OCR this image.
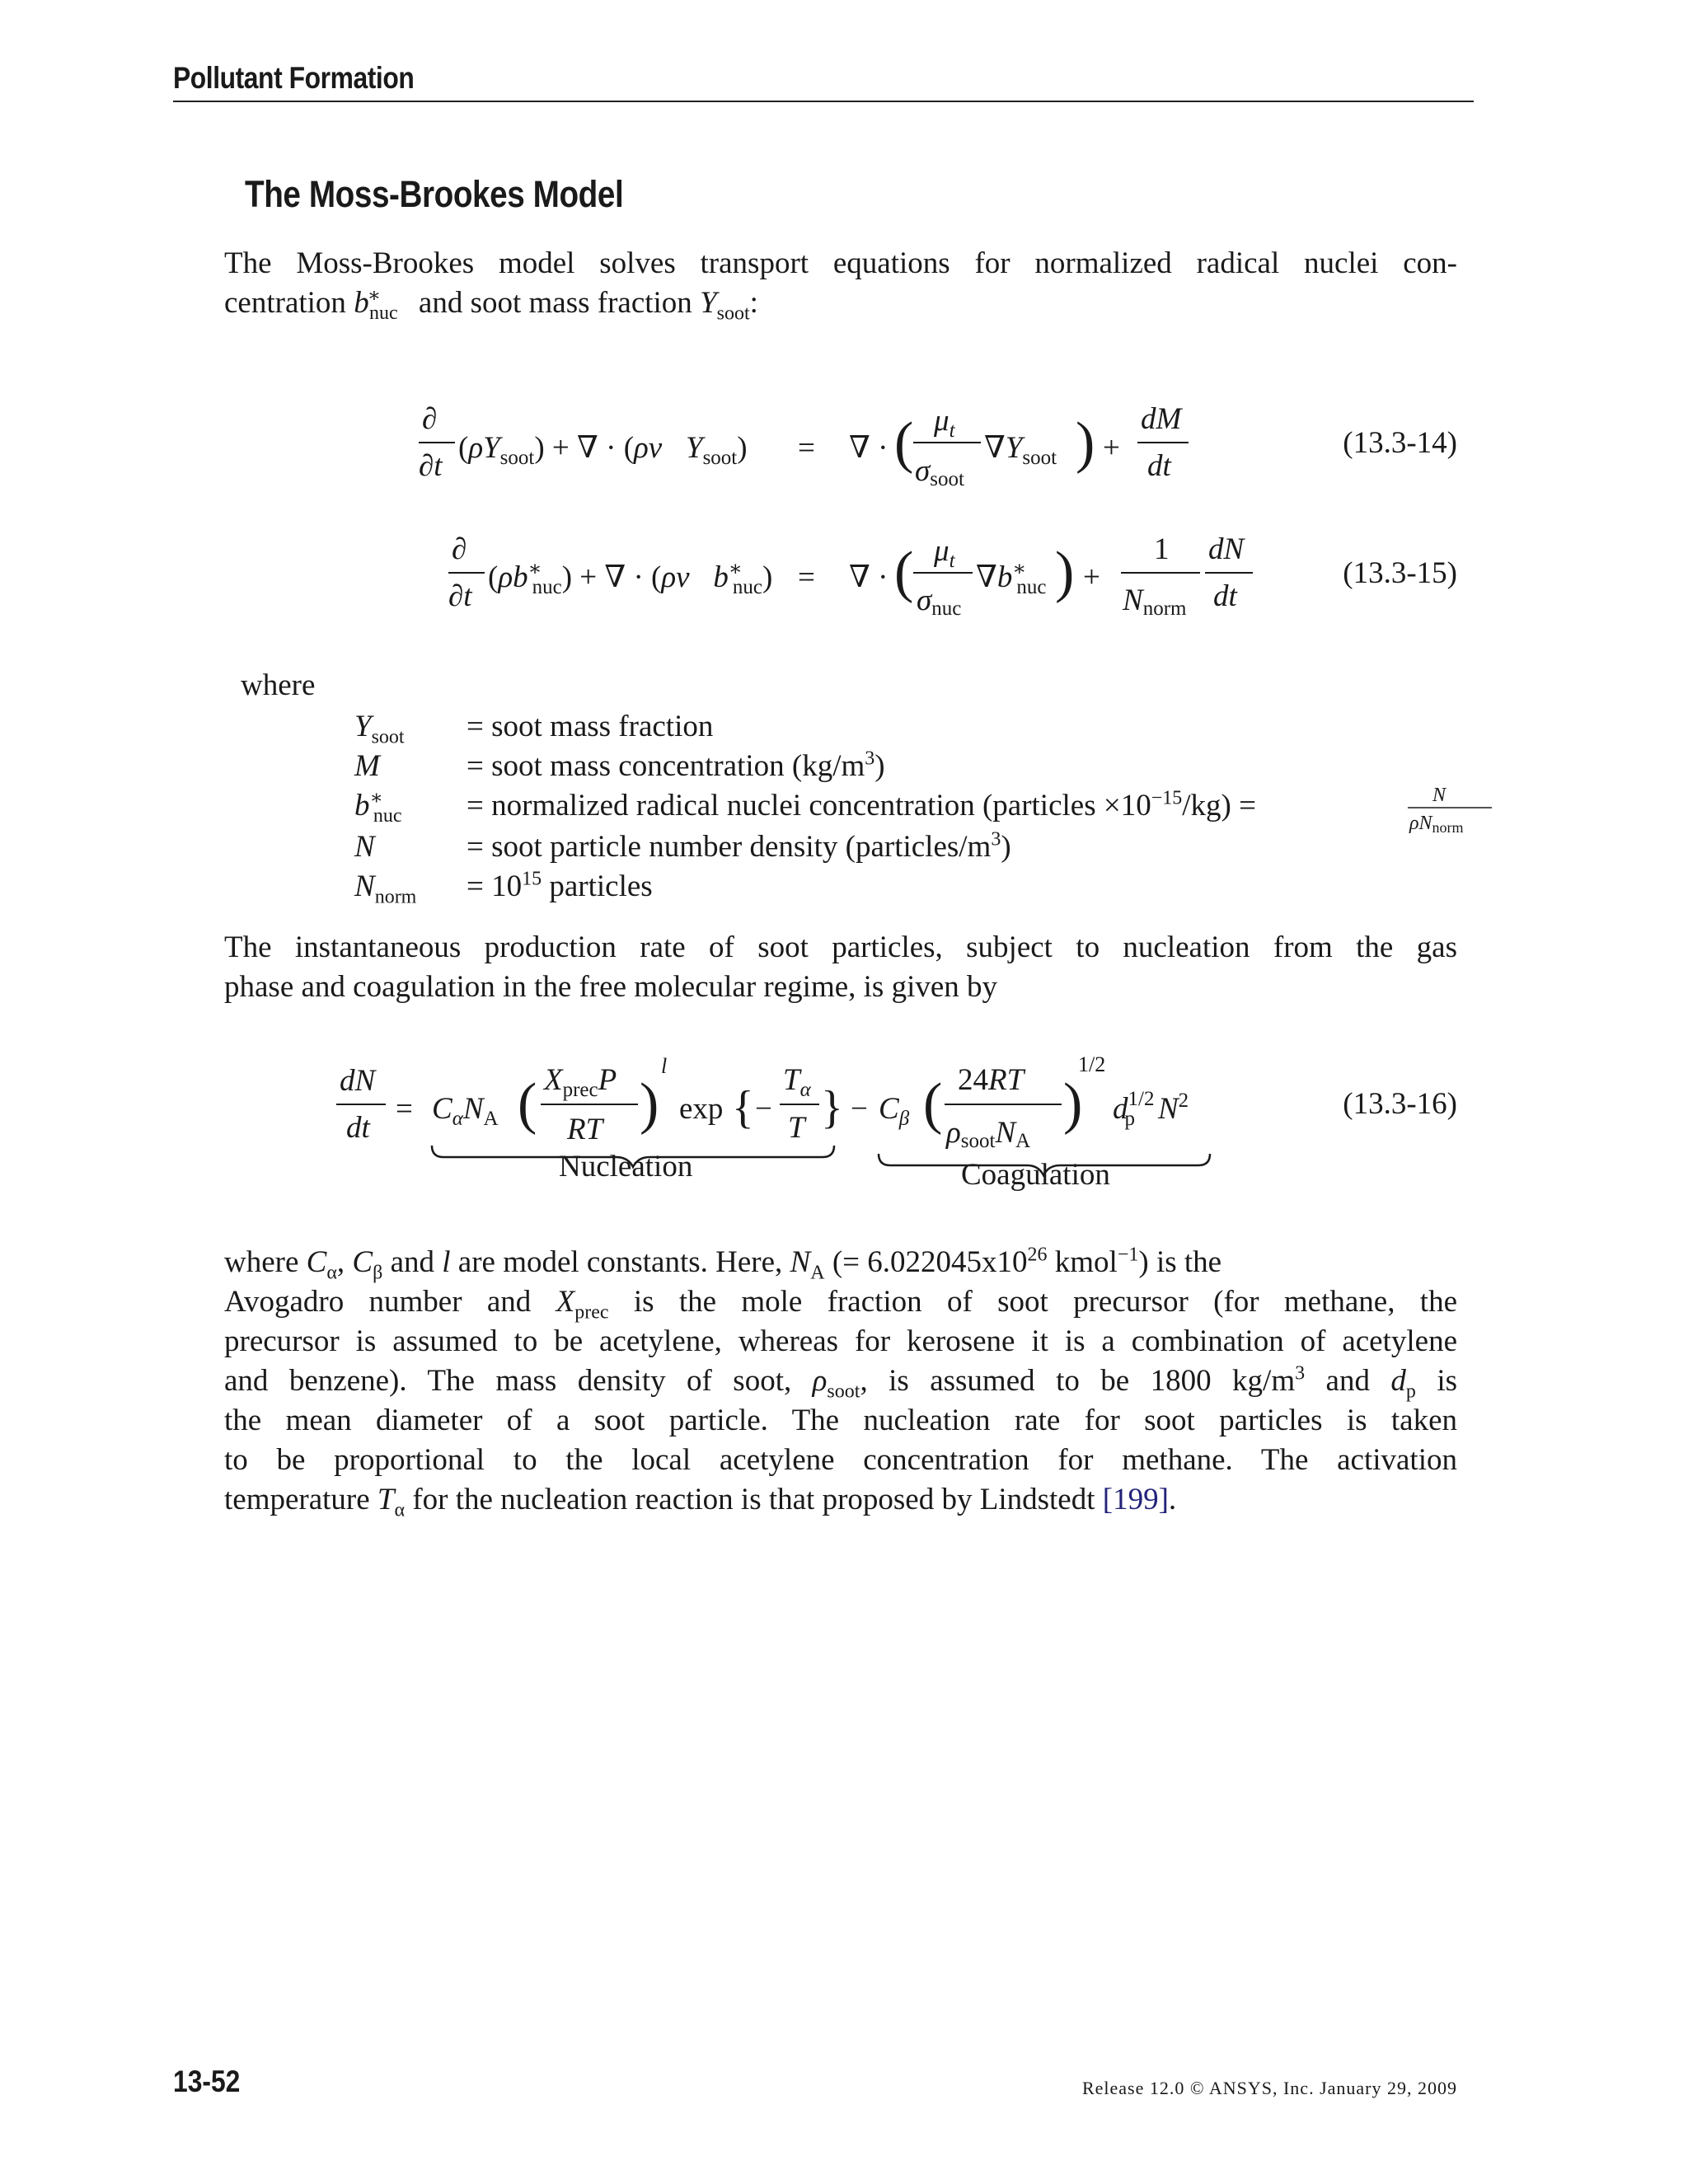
Pollutant Formation
The Moss-Brookes Model
The Moss-Brookes model solves transport equations for normalized radical nuclei con-
centration $b^∗_{nuc}$ and soot mass fraction $Y_{soot}$:
∂
∂t
$(\rho Y_{soot})$ + ∇ · $(\rho v⃗Y_{soot})$ = ∇ · ( $\mu_t$
σsoot
$\nabla Y_{soot}$ ) +
dM
dt
∂
∂t
(ρb∗ nuc) + ∇ · (ρv⃗b∗ nuc) = ∇ · ( $\mu_t$
σnuc
∇b∗ nuc ) +
1
Nnorm
dN
dt
(13.3-14)
(13.3-15)
where
$Y_{soot}$ = soot mass fraction
M	= soot mass concentration $(kg/m^3)$
$b^∗_{nuc}$	= normalized radical nuclei concentration (particles $\times 10^{-15}/kg$) =	N
ρNnorm
N	= soot particle number density $(particles/m^3)$
$N_{norm} = 10^{15}$ particles
The instantaneous production rate of soot particles, subject to nucleation from the gas
phase and coagulation in the free molecular regime, is given by
dN
dt
= $C_\alpha N_A$ ( $X_{prec}P$
RT )
l
exp { −
$T_\alpha$
T } − $C_\beta$ ( 24RT
ρsootNA
)
1/2
$d^{1/2}$ p $N^2$
Nucleation	Coagulation
(13.3-16)
where $C_\alpha$, $C_\beta$ and l are model constants. Here, $N_A$ (= $6.022045x10^{26}$ kmol$^{-1}$) is the
Avogadro number and $X_{prec}$ is the mole fraction of soot precursor (for methane, the
precursor is assumed to be acetylene, whereas for kerosene it is a combination of acetylene
and benzene). The mass density of soot, $\rho_{soot}$, is assumed to be 1800 $kg/m^3$ and $d_p$ is
the mean diameter of a soot particle. The nucleation rate for soot particles is taken
to be proportional to the local acetylene concentration for methane. The activation
temperature $T_\alpha$ for the nucleation reaction is that proposed by Lindstedt [199].
13-52	Release 12.0 © ANSYS, Inc. January 29, 2009
